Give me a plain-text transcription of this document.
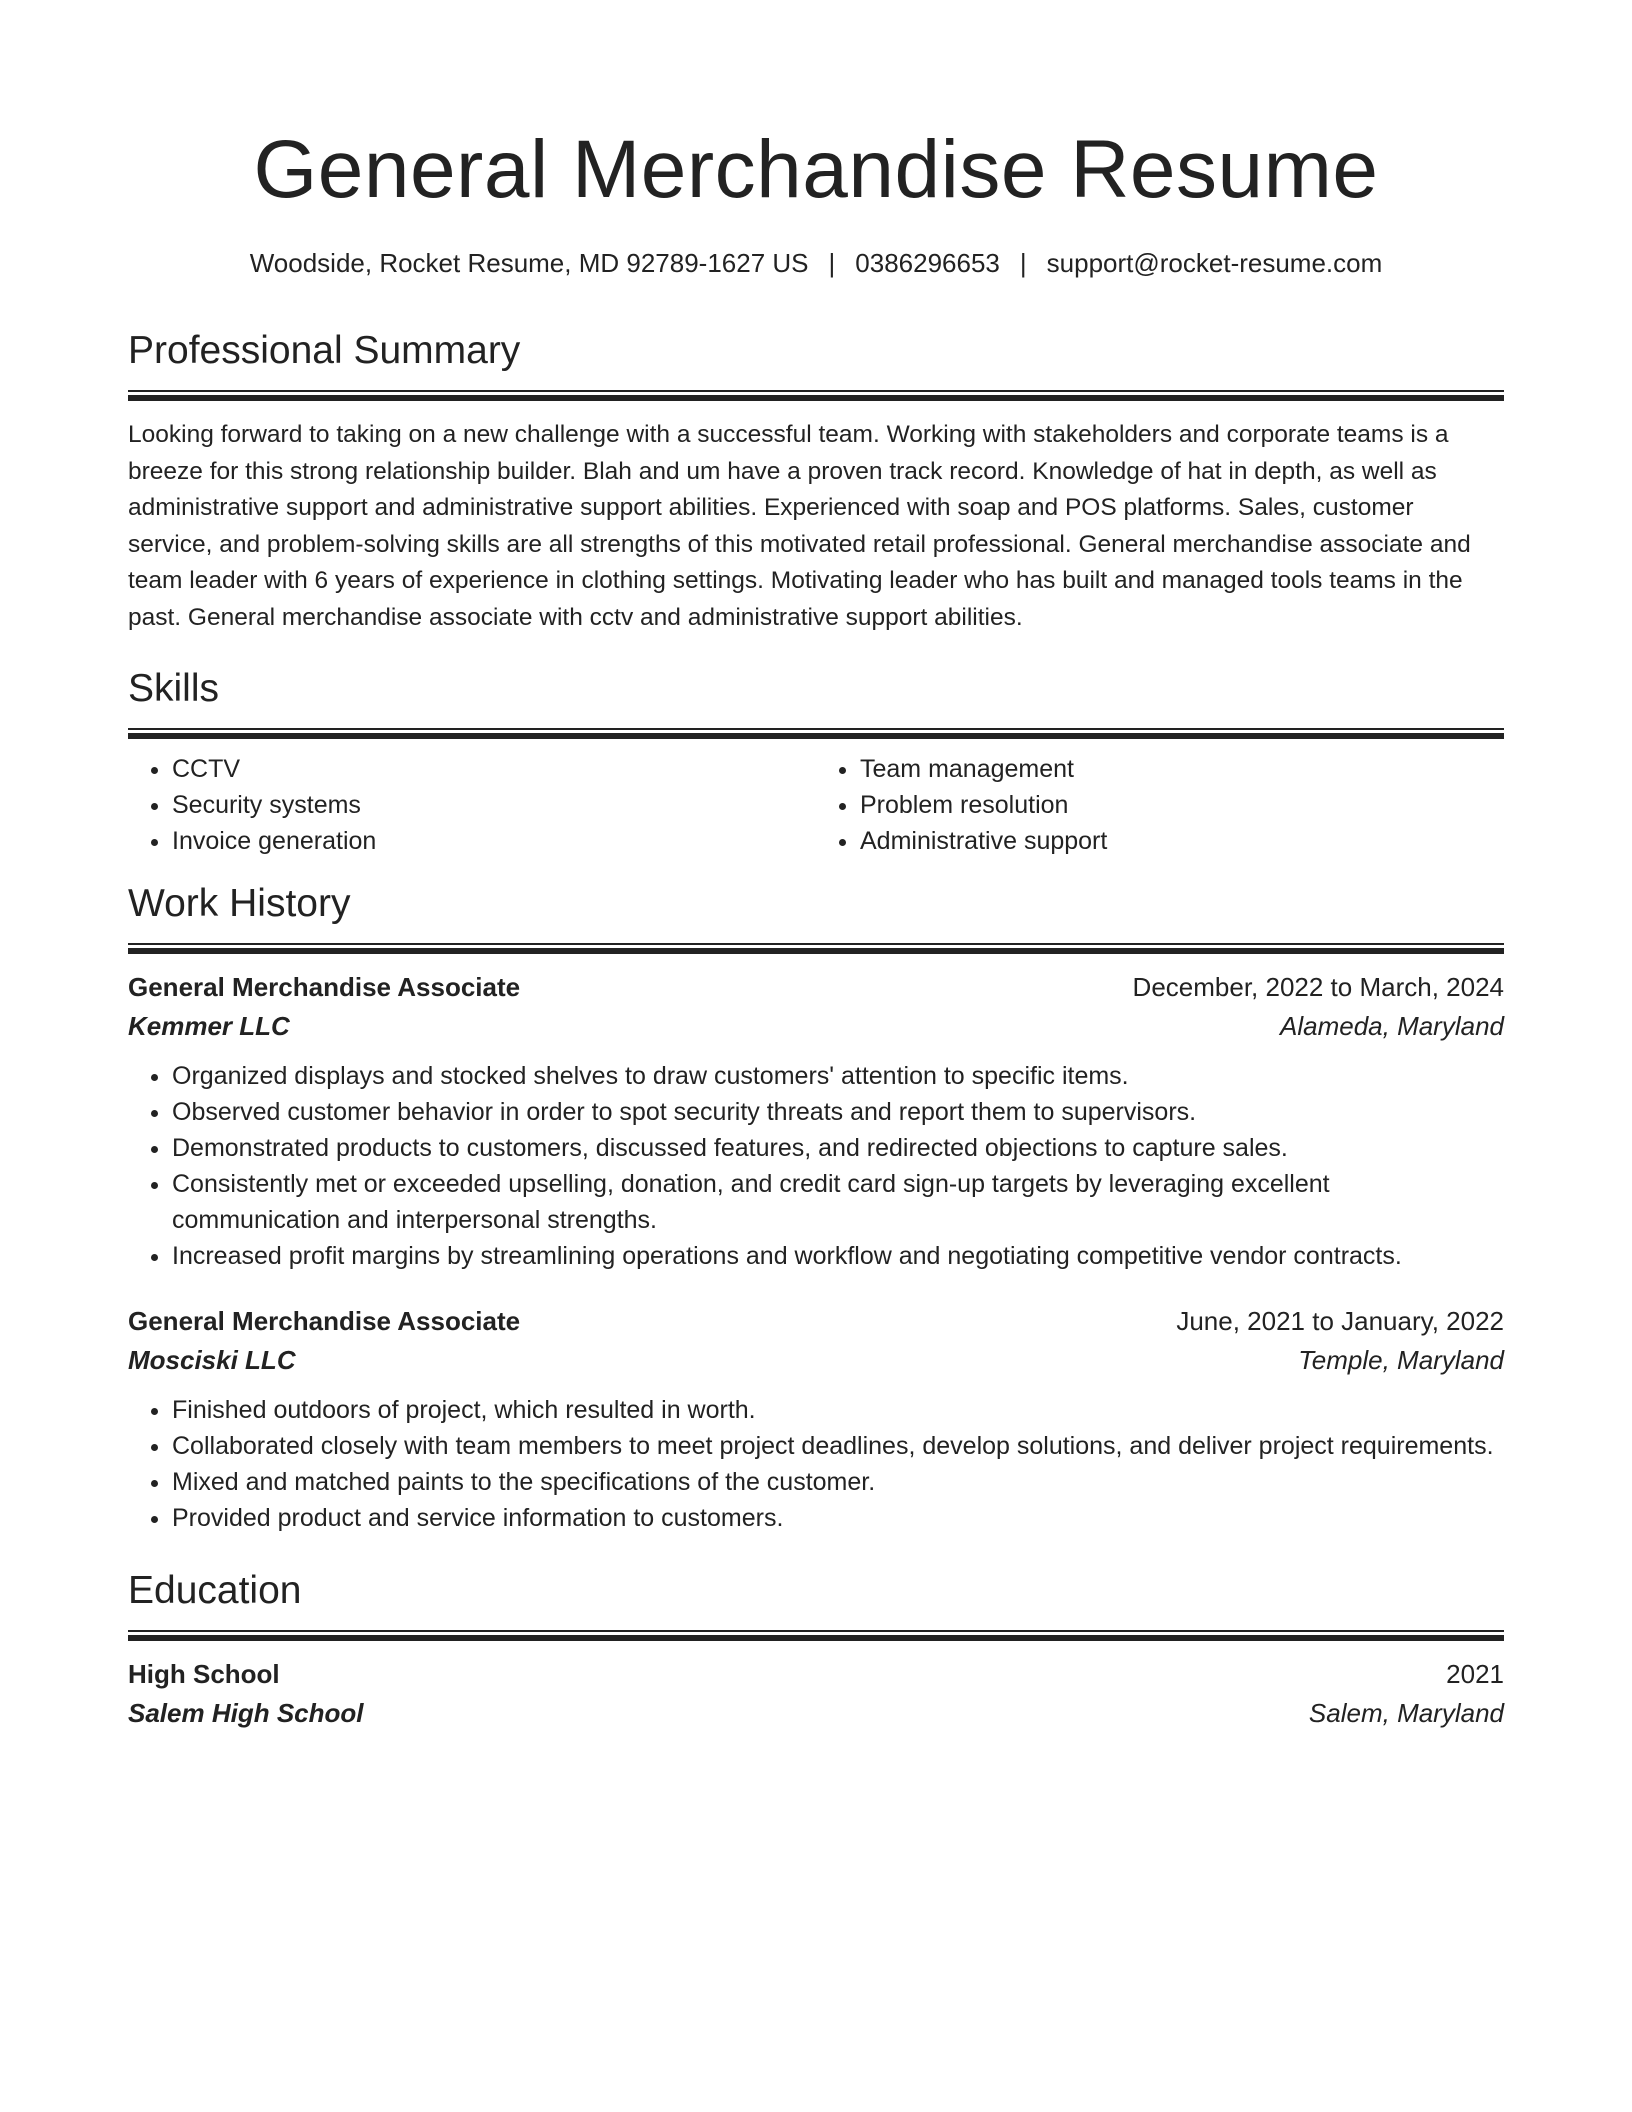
General Merchandise Resume
Woodside, Rocket Resume, MD 92789-1627 US | 0386296653 | support@rocket-resume.com
Professional Summary

Looking forward to taking on a new challenge with a successful team. Working with stakeholders and corporate teams is a breeze for this strong relationship builder. Blah and um have a proven track record. Knowledge of hat in depth, as well as administrative support and administrative support abilities. Experienced with soap and POS platforms. Sales, customer service, and problem-solving skills are all strengths of this motivated retail professional. General merchandise associate and team leader with 6 years of experience in clothing settings. Motivating leader who has built and managed tools teams in the past. General merchandise associate with cctv and administrative support abilities.

Skills
• CCTV
• Security systems
• Invoice generation
• Team management
• Problem resolution
• Administrative support
Work History
General Merchandise Associate	December, 2022 to March, 2024
Kemmer LLC	Alameda, Maryland
• Organized displays and stocked shelves to draw customers' attention to specific items.
• Observed customer behavior in order to spot security threats and report them to supervisors.
• Demonstrated products to customers, discussed features, and redirected objections to capture sales.
• Consistently met or exceeded upselling, donation, and credit card sign-up targets by leveraging excellent communication and interpersonal strengths.
• Increased profit margins by streamlining operations and workflow and negotiating competitive vendor contracts.
General Merchandise Associate	June, 2021 to January, 2022
Mosciski LLC	Temple, Maryland
• Finished outdoors of project, which resulted in worth.
• Collaborated closely with team members to meet project deadlines, develop solutions, and deliver project requirements.
• Mixed and matched paints to the specifications of the customer.
• Provided product and service information to customers.
Education
High School	2021
Salem High School	Salem, Maryland
